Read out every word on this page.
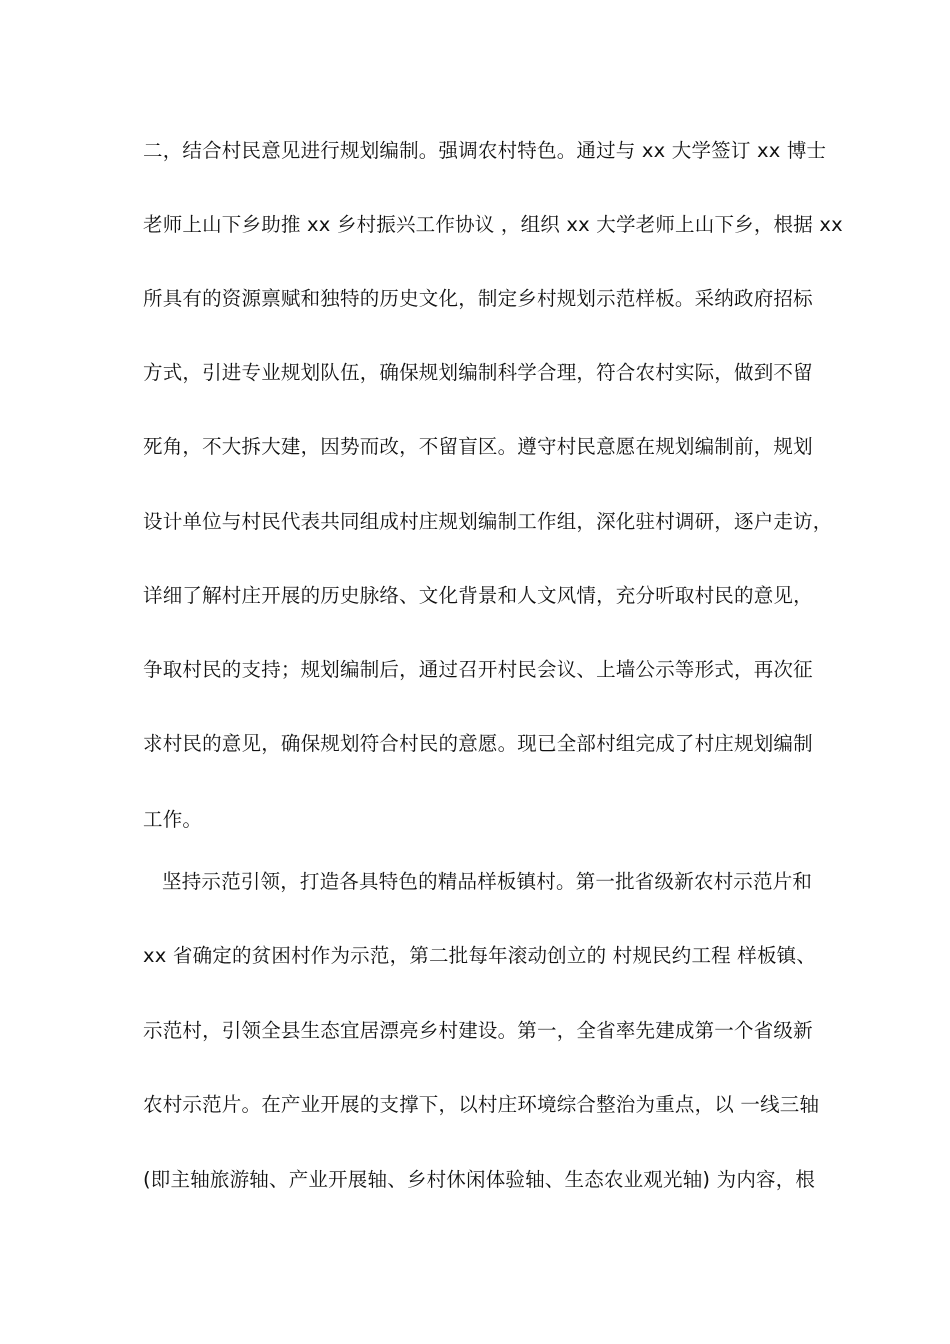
二，结合村民意见进行规划编制。强调农村特色。通过与 xx 大学签订 xx 博士
老师上山下乡助推 xx 乡村振兴工作协议 ，组织 xx 大学老师上山下乡，根据 xx
所具有的资源禀赋和独特的历史文化，制定乡村规划示范样板。采纳政府招标
方式，引进专业规划队伍，确保规划编制科学合理，符合农村实际，做到不留
死角，不大拆大建，因势而改，不留盲区。遵守村民意愿在规划编制前，规划
设计单位与村民代表共同组成村庄规划编制工作组，深化驻村调研，逐户走访，
详细了解村庄开展的历史脉络、文化背景和人文风情，充分听取村民的意见，
争取村民的支持；规划编制后，通过召开村民会议、上墙公示等形式，再次征
求村民的意见，确保规划符合村民的意愿。现已全部村组完成了村庄规划编制
工作。
坚持示范引领，打造各具特色的精品样板镇村。第一批省级新农村示范片和
xx 省确定的贫困村作为示范，第二批每年滚动创立的 村规民约工程 样板镇、
示范村，引领全县生态宜居漂亮乡村建设。第一，全省率先建成第一个省级新
农村示范片。在产业开展的支撑下，以村庄环境综合整治为重点，以 一线三轴
(即主轴旅游轴、产业开展轴、乡村休闲体验轴、生态农业观光轴) 为内容，根
